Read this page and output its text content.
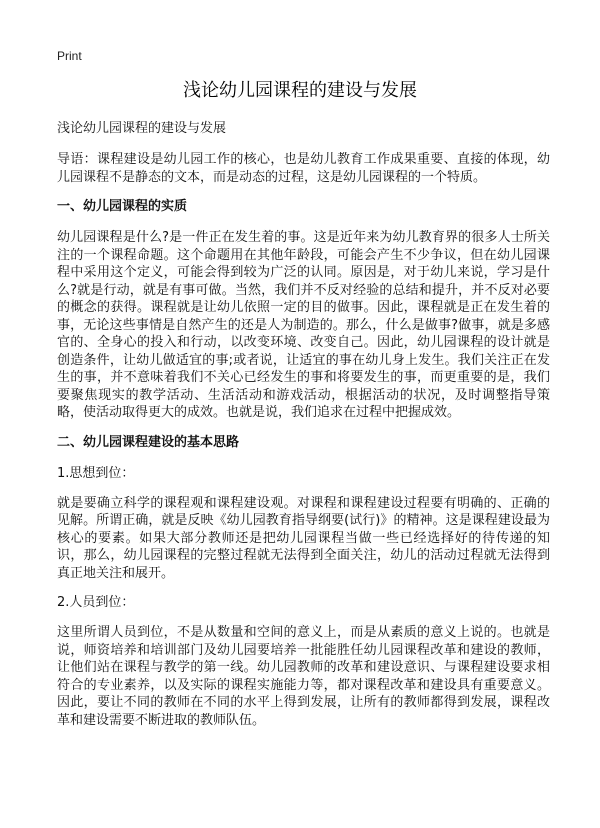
Print
浅论幼儿园课程的建设与发展
浅论幼儿园课程的建设与发展

导语：课程建设是幼儿园工作的核心，也是幼儿教育工作成果重要、直接的体现，幼儿园课程不是静态的文本，而是动态的过程，这是幼儿园课程的一个特质。

一、幼儿园课程的实质

幼儿园课程是什么?是一件正在发生着的事。这是近年来为幼儿教育界的很多人士所关注的一个课程命题。这个命题用在其他年龄段，可能会产生不少争议，但在幼儿园课程中采用这个定义，可能会得到较为广泛的认同。原因是，对于幼儿来说，学习是什么?就是行动，就是有事可做。当然，我们并不反对经验的总结和提升，并不反对必要的概念的获得。课程就是让幼儿依照一定的目的做事。因此，课程就是正在发生着的事，无论这些事情是自然产生的还是人为制造的。那么，什么是做事?做事，就是多感官的、全身心的投入和行动，以改变环境、改变自己。因此，幼儿园课程的设计就是创造条件，让幼儿做适宜的事;或者说，让适宜的事在幼儿身上发生。我们关注正在发生的事，并不意味着我们不关心已经发生的事和将要发生的事，而更重要的是，我们要聚焦现实的教学活动、生活活动和游戏活动，根据活动的状况，及时调整指导策略，使活动取得更大的成效。也就是说，我们追求在过程中把握成效。

二、幼儿园课程建设的基本思路
1.思想到位：

就是要确立科学的课程观和课程建设观。对课程和课程建设过程要有明确的、正确的见解。所谓正确，就是反映《幼儿园教育指导纲要(试行)》的精神。这是课程建设最为核心的要素。如果大部分教师还是把幼儿园课程当做一些已经选择好的待传递的知识，那么，幼儿园课程的完整过程就无法得到全面关注，幼儿的活动过程就无法得到真正地关注和展开。

2.人员到位：

这里所谓人员到位，不是从数量和空间的意义上，而是从素质的意义上说的。也就是说，师资培养和培训部门及幼儿园要培养一批能胜任幼儿园课程改革和建设的教师，让他们站在课程与教学的第一线。幼儿园教师的改革和建设意识、与课程建设要求相符合的专业素养，以及实际的课程实施能力等，都对课程改革和建设具有重要意义。因此，要让不同的教师在不同的水平上得到发展，让所有的教师都得到发展，课程改革和建设需要不断进取的教师队伍。
